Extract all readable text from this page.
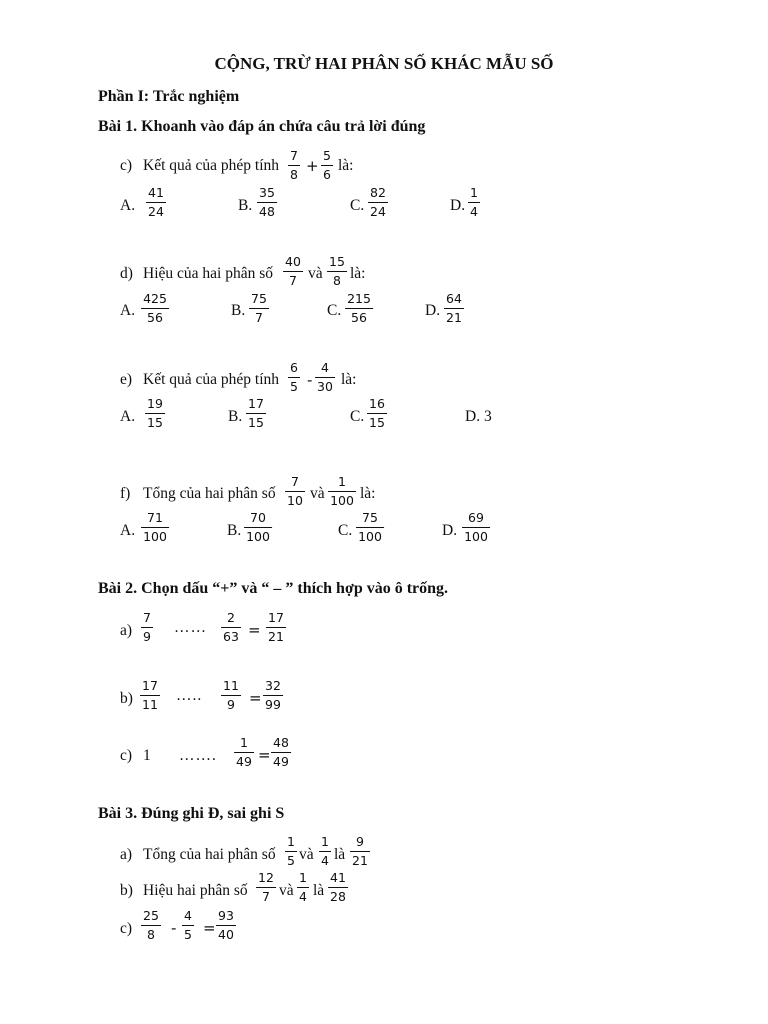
CỘNG, TRỪ HAI PHÂN SỐ KHÁC MẪU SỐ
Phần I: Trắc nghiệm
Bài 1. Khoanh vào đáp án chứa câu trả lời đúng
c) Kết quả của phép tính
7
8 +
5
6 là:
A.
41
24	B.
35
48	C.
82
24	D.
1
4
d) Hiệu của hai phân số
40
7 và
15
8 là:
A.
425
56	B.
75
7	C.
215
56	D.
64
21
e) Kết quả của phép tính
6
5 -
4
30 là:
A.
19
15	B.
17
15	C.
16
15	D. 3
f) Tổng của hai phân số
7
10 và
1
100 là:
A.
71
100	B.
70
100	C.
75
100	D.
69
100
Bài 2. Chọn dấu “+” và “ – ” thích hợp vào ô trống.
a)
7
9 ……
2
63 =
17
21
b)
17
11 …..
11
9 =
32
99
c) 1 …….
1
49 =
48
49
Bài 3. Đúng ghi Đ, sai ghi S
a) Tổng của hai phân số
1
5 và
1
4 là
9
21
b) Hiệu hai phân số
12
7 và
1
4 là
41
28
c)
25
8 -
4
5 =
93
40
